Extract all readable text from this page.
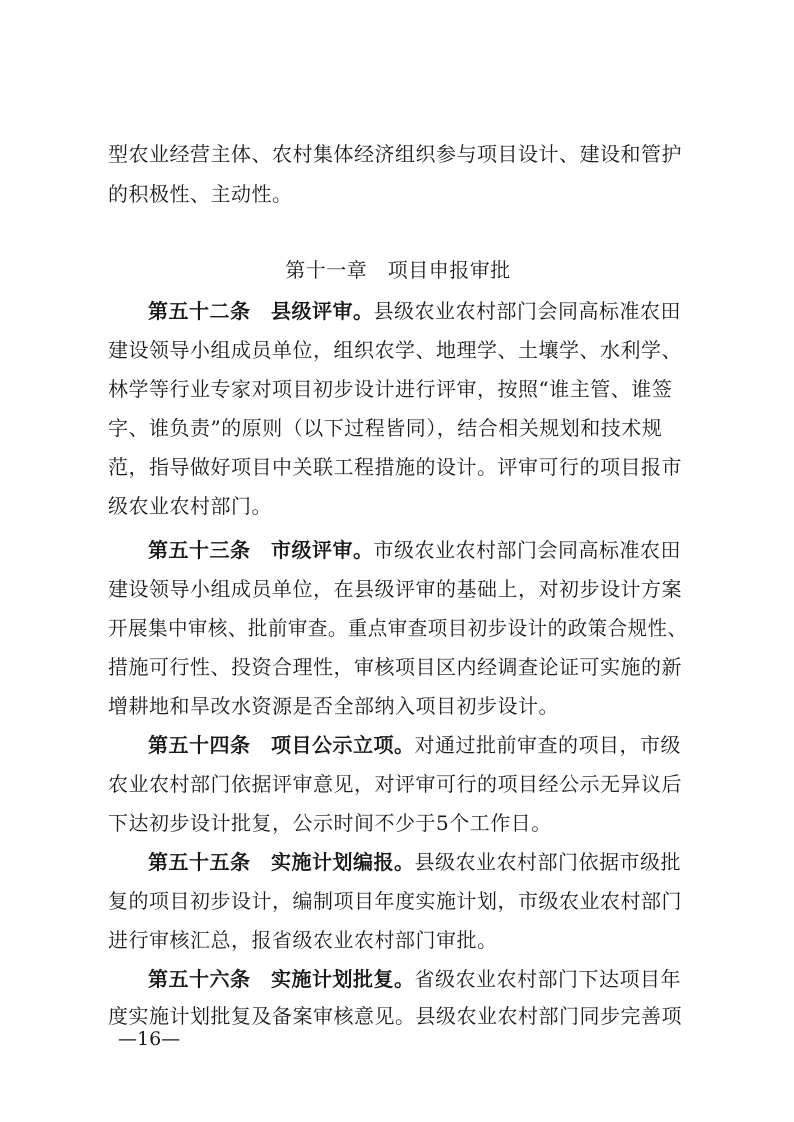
型农业经营主体、农村集体经济组织参与项目设计、建设和管护
的积极性、主动性。
第十一章　项目申报审批
第五十二条　县级评审。县级农业农村部门会同高标准农田
建设领导小组成员单位，组织农学、地理学、土壤学、水利学、
林学等行业专家对项目初步设计进行评审，按照“谁主管、谁签
字、谁负责”的原则（以下过程皆同），结合相关规划和技术规
范，指导做好项目中关联工程措施的设计。评审可行的项目报市
级农业农村部门。
第五十三条　市级评审。市级农业农村部门会同高标准农田
建设领导小组成员单位，在县级评审的基础上，对初步设计方案
开展集中审核、批前审查。重点审查项目初步设计的政策合规性、
措施可行性、投资合理性，审核项目区内经调查论证可实施的新
增耕地和旱改水资源是否全部纳入项目初步设计。
第五十四条　项目公示立项。对通过批前审查的项目，市级
农业农村部门依据评审意见，对评审可行的项目经公示无异议后
下达初步设计批复，公示时间不少于5个工作日。
第五十五条　实施计划编报。县级农业农村部门依据市级批
复的项目初步设计，编制项目年度实施计划，市级农业农村部门
进行审核汇总，报省级农业农村部门审批。
第五十六条　实施计划批复。省级农业农村部门下达项目年
度实施计划批复及备案审核意见。县级农业农村部门同步完善项
—16—
